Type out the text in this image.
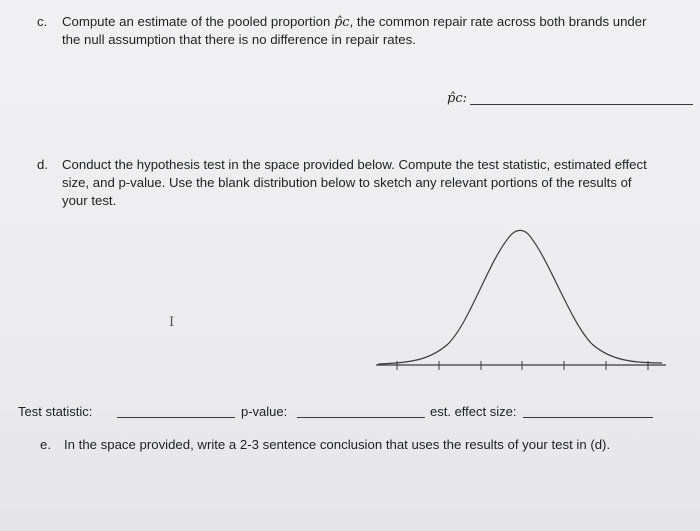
c. Compute an estimate of the pooled proportion p̂c, the common repair rate across both brands under
the null assumption that there is no difference in repair rates.
p̂c:
d. Conduct the hypothesis test in the space provided below. Compute the test statistic, estimated effect
size, and p-value. Use the blank distribution below to sketch any relevant portions of the results of
your test.
I
Test statistic:	p-value:	est. effect size:
e. In the space provided, write a 2-3 sentence conclusion that uses the results of your test in (d).
